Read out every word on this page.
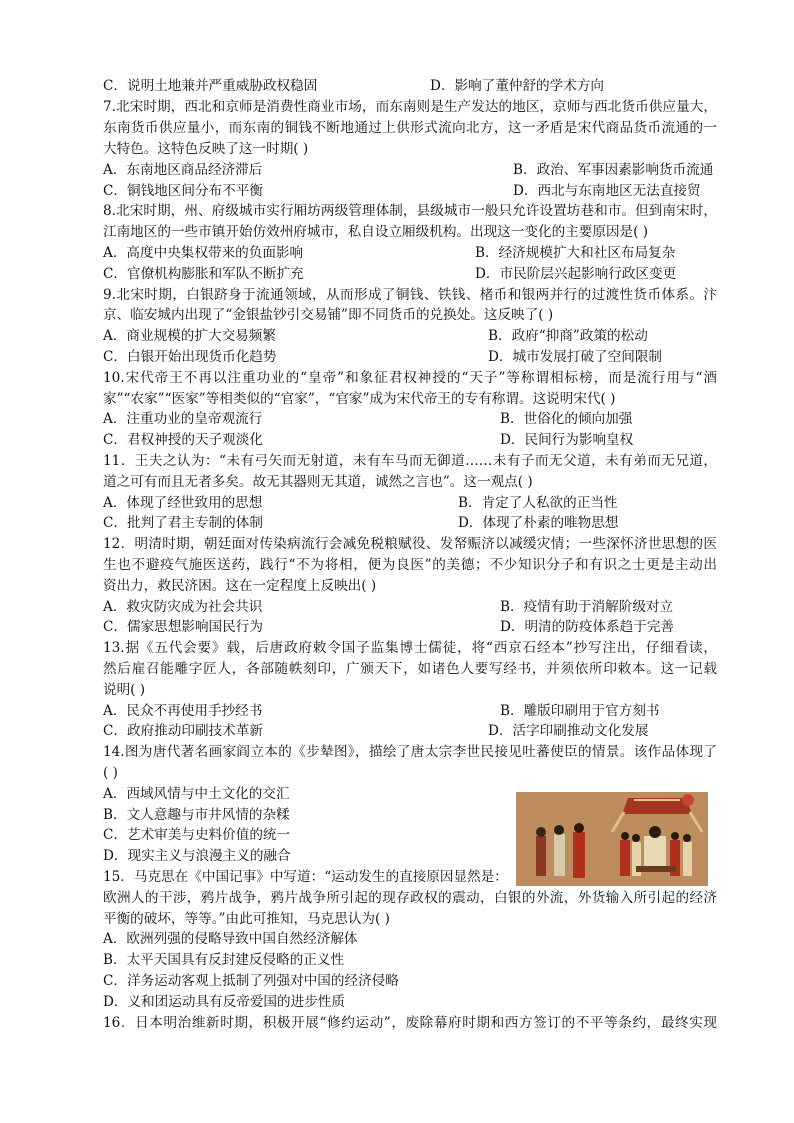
C．说明土地兼并严重威胁政权稳固	D．影响了董仲舒的学术方向
7.北宋时期，西北和京师是消费性商业市场，而东南则是生产发达的地区，京师与西北货币供应量大，
东南货币供应量小，而东南的铜钱不断地通过上供形式流向北方，这一矛盾是宋代商品货币流通的一
大特色。这特色反映了这一时期( )
A．东南地区商品经济滞后	B．政治、军事因素影响货币流通
C．铜钱地区间分布不平衡	D．西北与东南地区无法直接贸
8.北宋时期，州、府级城市实行厢坊两级管理体制，县级城市一般只允许设置坊巷和市。但到南宋时，
江南地区的一些市镇开始仿效州府城市，私自设立厢级机构。出现这一变化的主要原因是( )
A．高度中央集权带来的负面影响	B．经济规模扩大和社区布局复杂
C．官僚机构膨胀和军队不断扩充	D．市民阶层兴起影响行政区变更
9.北宋时期，白银跻身于流通领域，从而形成了铜钱、铁钱、楮币和银两并行的过渡性货币体系。汴
京、临安城内出现了“金银盐钞引交易铺”即不同货币的兑换处。这反映了( )
A．商业规模的扩大交易频繁	B．政府“抑商”政策的松动
C．白银开始出现货币化趋势	D．城市发展打破了空间限制
10.宋代帝王不再以注重功业的“皇帝”和象征君权神授的“天子”等称谓相标榜，而是流行用与“酒
家”“农家”“医家”等相类似的“官家”，“官家”成为宋代帝王的专有称谓。这说明宋代( )
A．注重功业的皇帝观流行	B．世俗化的倾向加强
C．君权神授的天子观淡化	D．民间行为影响皇权
11．王夫之认为：“未有弓矢而无射道，未有车马而无御道……未有子而无父道，未有弟而无兄道，
道之可有而且无者多矣。故无其器则无其道，诚然之言也”。这一观点( )
A．体现了经世致用的思想	B．肯定了人私欲的正当性
C．批判了君主专制的体制	D．体现了朴素的唯物思想
12．明清时期，朝廷面对传染病流行会减免税粮赋役、发帑赈济以减缓灾情；一些深怀济世思想的医
生也不避疫气施医送药，践行“不为将相，便为良医”的美德；不少知识分子和有识之士更是主动出
资出力，救民济困。这在一定程度上反映出( )
A．救灾防灾成为社会共识	B．疫情有助于消解阶级对立
C．儒家思想影响国民行为	D．明清的防疫体系趋于完善
13.据《五代会要》载，后唐政府敕令国子监集博士儒徒，将“西京石经本”抄写注出，仔细看读，
然后雇召能雕字匠人，各部随帙刻印，广颁天下，如诸色人要写经书，并须依所印敕本。这一记载
说明( )
A．民众不再使用手抄经书	B．雕版印刷用于官方刻书
C．政府推动印刷技术革新	D．活字印刷推动文化发展
14.图为唐代著名画家阎立本的《步辇图》，描绘了唐太宗李世民接见吐蕃使臣的情景。该作品体现了
( )
A．西域风情与中土文化的交汇
B．文人意趣与市井风情的杂糅
C．艺术审美与史料价值的统一
D．现实主义与浪漫主义的融合
15．马克思在《中国记事》中写道：“运动发生的直接原因显然是：
欧洲人的干涉，鸦片战争，鸦片战争所引起的现存政权的震动，白银的外流，外货输入所引起的经济
平衡的破坏，等等。”由此可推知，马克思认为( )
A．欧洲列强的侵略导致中国自然经济解体
B．太平天国具有反封建反侵略的正义性
C．洋务运动客观上抵制了列强对中国的经济侵略
D．义和团运动具有反帝爱国的进步性质
16．日本明治维新时期，积极开展“修约运动”，废除幕府时期和西方签订的不平等条约，最终实现
